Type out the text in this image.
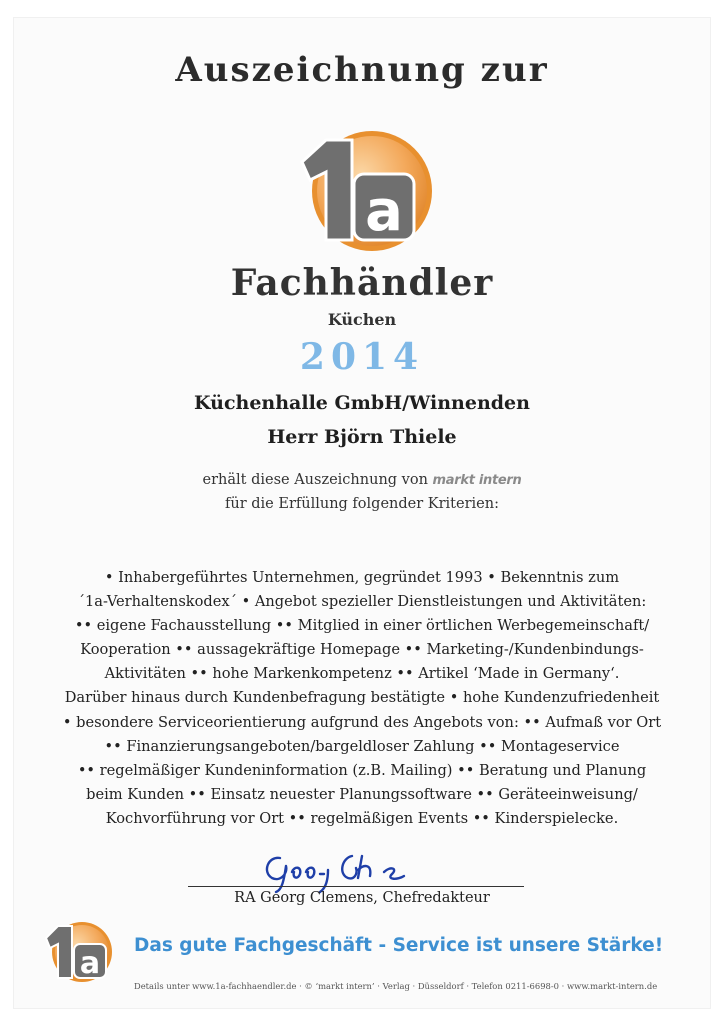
Auszeichnung zur
a
Fachhändler
Küchen
2014
Küchenhalle GmbH/Winnenden
Herr Björn Thiele
erhält diese Auszeichnung von markt intern
für die Erfüllung folgender Kriterien:
• Inhabergeführtes Unternehmen, gegründet 1993 • Bekenntnis zum
´1a-Verhaltenskodex´ • Angebot spezieller Dienstleistungen und Aktivitäten:
•• eigene Fachausstellung •• Mitglied in einer örtlichen Werbegemeinschaft/
Kooperation •• aussagekräftige Homepage •• Marketing-/Kundenbindungs-
Aktivitäten •• hohe Markenkompetenz •• Artikel ‘Made in Germany‘.
Darüber hinaus durch Kundenbefragung bestätigte • hohe Kundenzufriedenheit
• besondere Serviceorientierung aufgrund des Angebots von: •• Aufmaß vor Ort
•• Finanzierungsangeboten/bargeldloser Zahlung •• Montageservice
•• regelmäßiger Kundeninformation (z.B. Mailing) •• Beratung und Planung
beim Kunden •• Einsatz neuester Planungssoftware •• Geräteeinweisung/
Kochvorführung vor Ort •• regelmäßigen Events •• Kinderspielecke.
RA Georg Clemens, Chefredakteur
a
Das gute Fachgeschäft - Service ist unsere Stärke!
Details unter www.1a-fachhaendler.de · © ‘markt intern’ · Verlag · Düsseldorf · Telefon 0211-6698-0 · www.markt-intern.de
